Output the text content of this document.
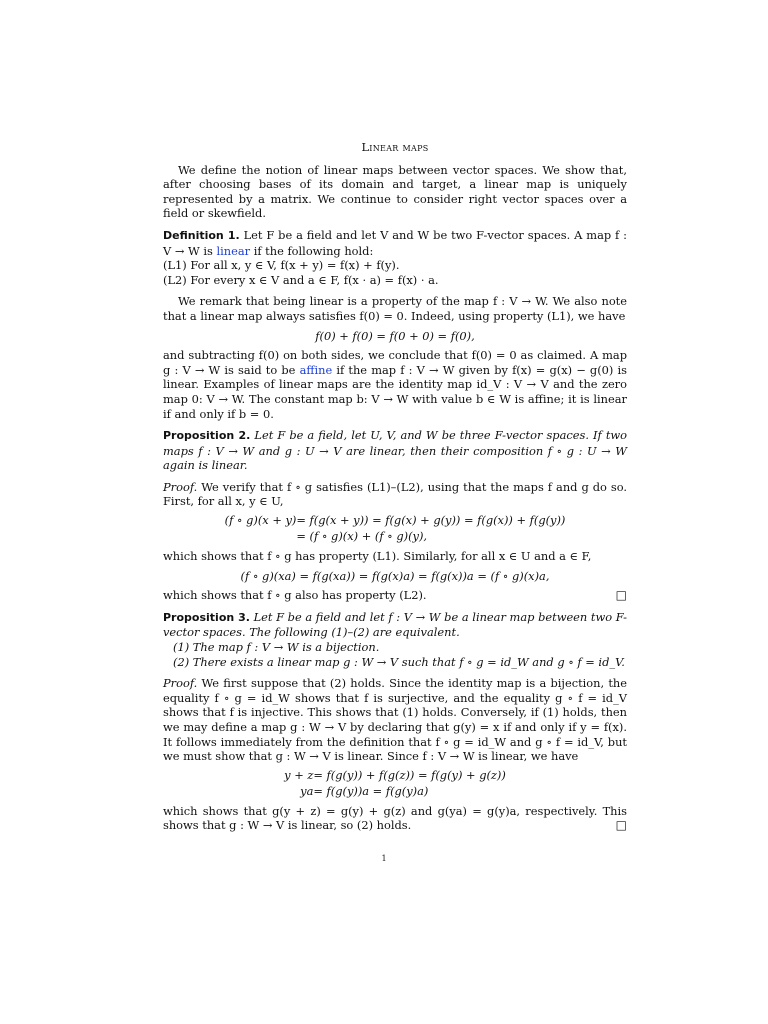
Linear maps

We define the notion of linear maps between vector spaces. We show that, after choosing bases of its domain and target, a linear map is uniquely represented by a matrix. We continue to consider right vector spaces over a field or skewfield.

Definition 1. Let F be a field and let V and W be two F-vector spaces. A map f : V → W is linear if the following hold:

(L1) For all x, y ∈ V, f(x + y) = f(x) + f(y).
(L2) For every x ∈ V and a ∈ F, f(x · a) = f(x) · a.

We remark that being linear is a property of the map f : V → W. We also note that a linear map always satisfies f(0) = 0. Indeed, using property (L1), we have

f(0) + f(0) = f(0 + 0) = f(0),

and subtracting f(0) on both sides, we conclude that f(0) = 0 as claimed. A map g : V → W is said to be affine if the map f : V → W given by f(x) = g(x) − g(0) is linear. Examples of linear maps are the identity map id_V : V → V and the zero map 0: V → W. The constant map b: V → W with value b ∈ W is affine; it is linear if and only if b = 0.

Proposition 2. Let F be a field, let U, V, and W be three F-vector spaces. If two maps f : V → W and g : U → V are linear, then their composition f ∘ g : U → W again is linear.

Proof. We verify that f ∘ g satisfies (L1)–(L2), using that the maps f and g do so. First, for all x, y ∈ U,

(f ∘ g)(x + y)	= f(g(x + y)) = f(g(x) + g(y)) = f(g(x)) + f(g(y))
	= (f ∘ g)(x) + (f ∘ g)(y),

which shows that f ∘ g has property (L1). Similarly, for all x ∈ U and a ∈ F,

(f ∘ g)(xa) = f(g(xa)) = f(g(x)a) = f(g(x))a = (f ∘ g)(x)a,

which shows that f ∘ g also has property (L2).	□

Proposition 3. Let F be a field and let f : V → W be a linear map between two F-vector spaces. The following (1)–(2) are equivalent.

(1) The map f : V → W is a bijection.
(2) There exists a linear map g : W → V such that f ∘ g = id_W and g ∘ f = id_V.

Proof. We first suppose that (2) holds. Since the identity map is a bijection, the equality f ∘ g = id_W shows that f is surjective, and the equality g ∘ f = id_V shows that f is injective. This shows that (1) holds. Conversely, if (1) holds, then we may define a map g : W → V by declaring that g(y) = x if and only if y = f(x). It follows immediately from the definition that f ∘ g = id_W and g ∘ f = id_V, but we must show that g : W → V is linear. Since f : V → W is linear, we have

y + z	= f(g(y)) + f(g(z)) = f(g(y) + g(z))
ya	= f(g(y))a = f(g(y)a)

which shows that g(y + z) = g(y) + g(z) and g(ya) = g(y)a, respectively. This shows that g : W → V is linear, so (2) holds.	□

1
